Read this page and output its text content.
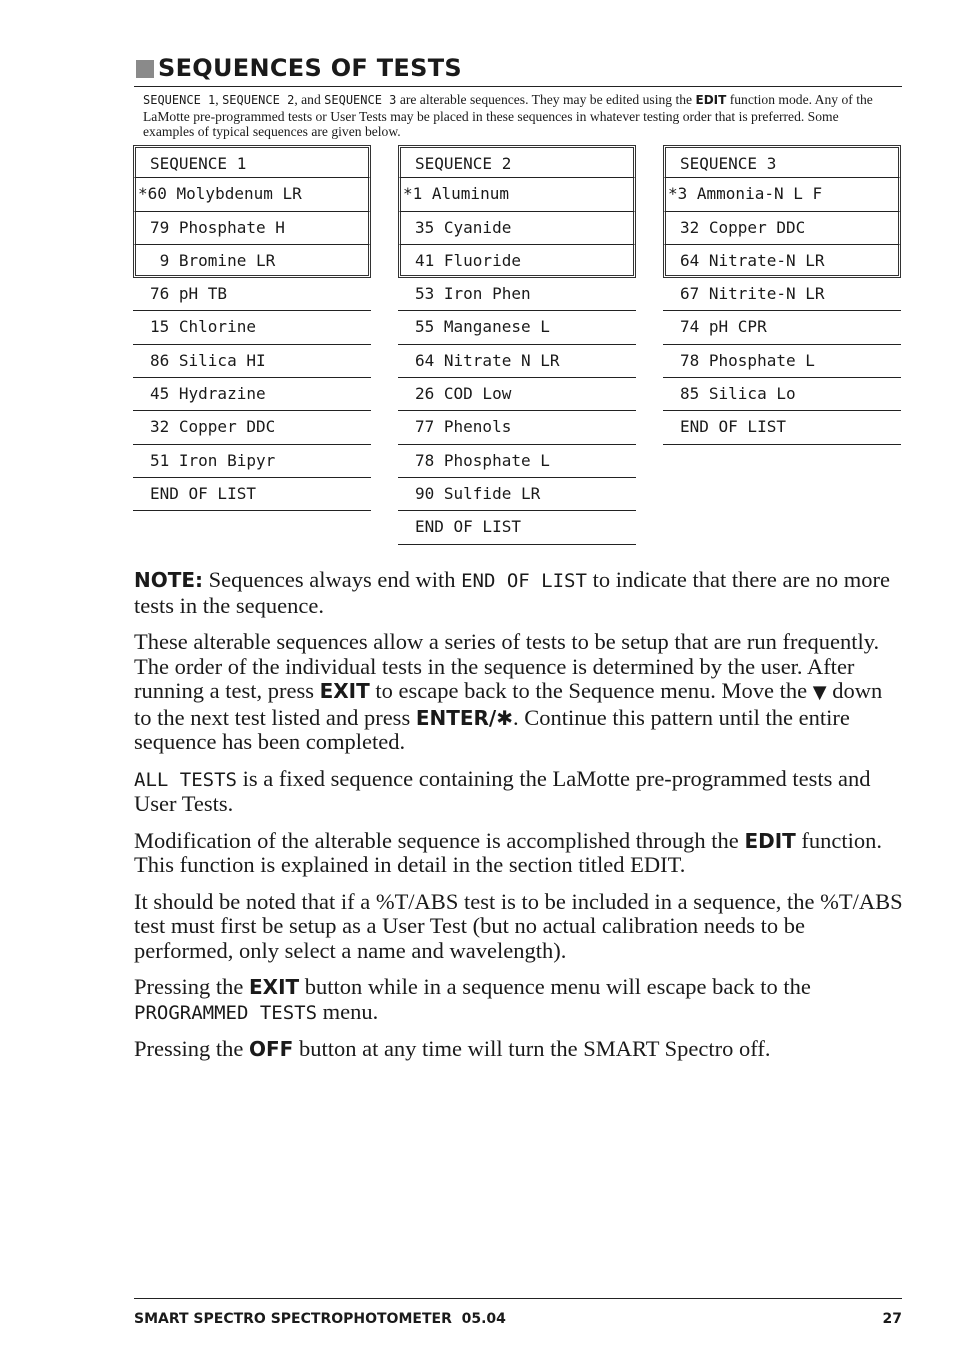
SEQUENCES OF TESTS
SEQUENCE 1, SEQUENCE 2, and SEQUENCE 3 are alterable sequences. They may be edited using the EDIT function mode. Any of the LaMotte pre-programmed tests or User Tests may be placed in these sequences in whatever testing order that is preferred. Some examples of typical sequences are given below.
SEQUENCE 1
*60 Molybdenum LR
79 Phosphate H
9 Bromine LR
76 pH TB
15 Chlorine
86 Silica HI
45 Hydrazine
32 Copper DDC
51 Iron Bipyr
END OF LIST
SEQUENCE 2
*1 Aluminum
35 Cyanide
41 Fluoride
53 Iron Phen
55 Manganese L
64 Nitrate N LR
26 COD Low
77 Phenols
78 Phosphate L
90 Sulfide LR
END OF LIST
SEQUENCE 3
*3 Ammonia-N L F
32 Copper DDC
64 Nitrate-N LR
67 Nitrite-N LR
74 pH CPR
78 Phosphate L
85 Silica Lo
END OF LIST

NOTE: Sequences always end with END OF LIST to indicate that there are no more tests in the sequence.

These alterable sequences allow a series of tests to be setup that are run frequently. The order of the individual tests in the sequence is determined by the user. After running a test, press EXIT to escape back to the Sequence menu. Move the ▼ down to the next test listed and press ENTER/✱. Continue this pattern until the entire sequence has been completed.

ALL TESTS is a fixed sequence containing the LaMotte pre-programmed tests and User Tests.

Modification of the alterable sequence is accomplished through the EDIT function. This function is explained in detail in the section titled EDIT.

It should be noted that if a %T/ABS test is to be included in a sequence, the %T/ABS test must first be setup as a User Test (but no actual calibration needs to be performed, only select a name and wavelength).

Pressing the EXIT button while in a sequence menu will escape back to the PROGRAMMED TESTS menu.

Pressing the OFF button at any time will turn the SMART Spectro off.

SMART SPECTRO SPECTROPHOTOMETER  05.04	27
